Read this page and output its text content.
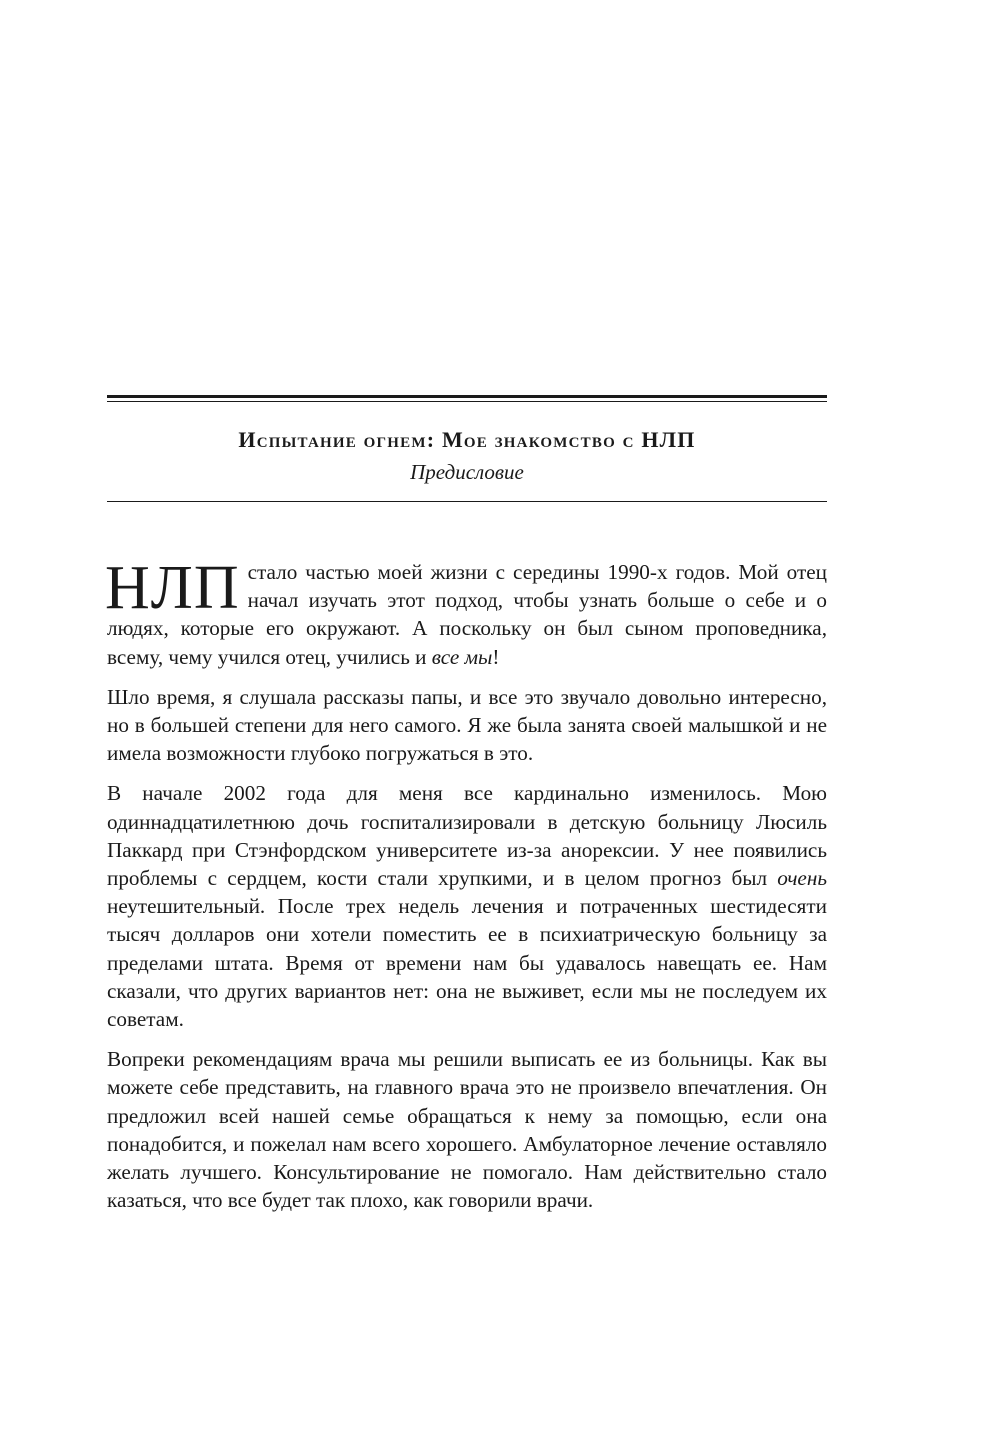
Испытание огнем: Мое знакомство с НЛП
Предисловие

НЛП стало частью моей жизни с середины 1990-х годов. Мой отец начал изучать этот подход, чтобы узнать больше о себе и о людях, которые его окружают. А поскольку он был сыном проповедника, всему, чему учился отец, учились и все мы!

Шло время, я слушала рассказы папы, и все это звучало довольно интересно, но в большей степени для него самого. Я же была занята своей малышкой и не имела возможности глубоко погружаться в это.

В начале 2002 года для меня все кардинально изменилось. Мою одиннадцатилетнюю дочь госпитализировали в детскую больницу Люсиль Паккард при Стэнфордском университете из-за анорексии. У нее появились проблемы с сердцем, кости стали хрупкими, и в целом прогноз был очень неутешительный. После трех недель лечения и потраченных шестидесяти тысяч долларов они хотели поместить ее в психиатрическую больницу за пределами штата. Время от времени нам бы удавалось навещать ее. Нам сказали, что других вариантов нет: она не выживет, если мы не последуем их советам.

Вопреки рекомендациям врача мы решили выписать ее из больницы. Как вы можете себе представить, на главного врача это не произвело впечатления. Он предложил всей нашей семье обращаться к нему за помощью, если она понадобится, и пожелал нам всего хорошего. Амбулаторное лечение оставляло желать лучшего. Консультирование не помогало. Нам действительно стало казаться, что все будет так плохо, как говорили врачи.
